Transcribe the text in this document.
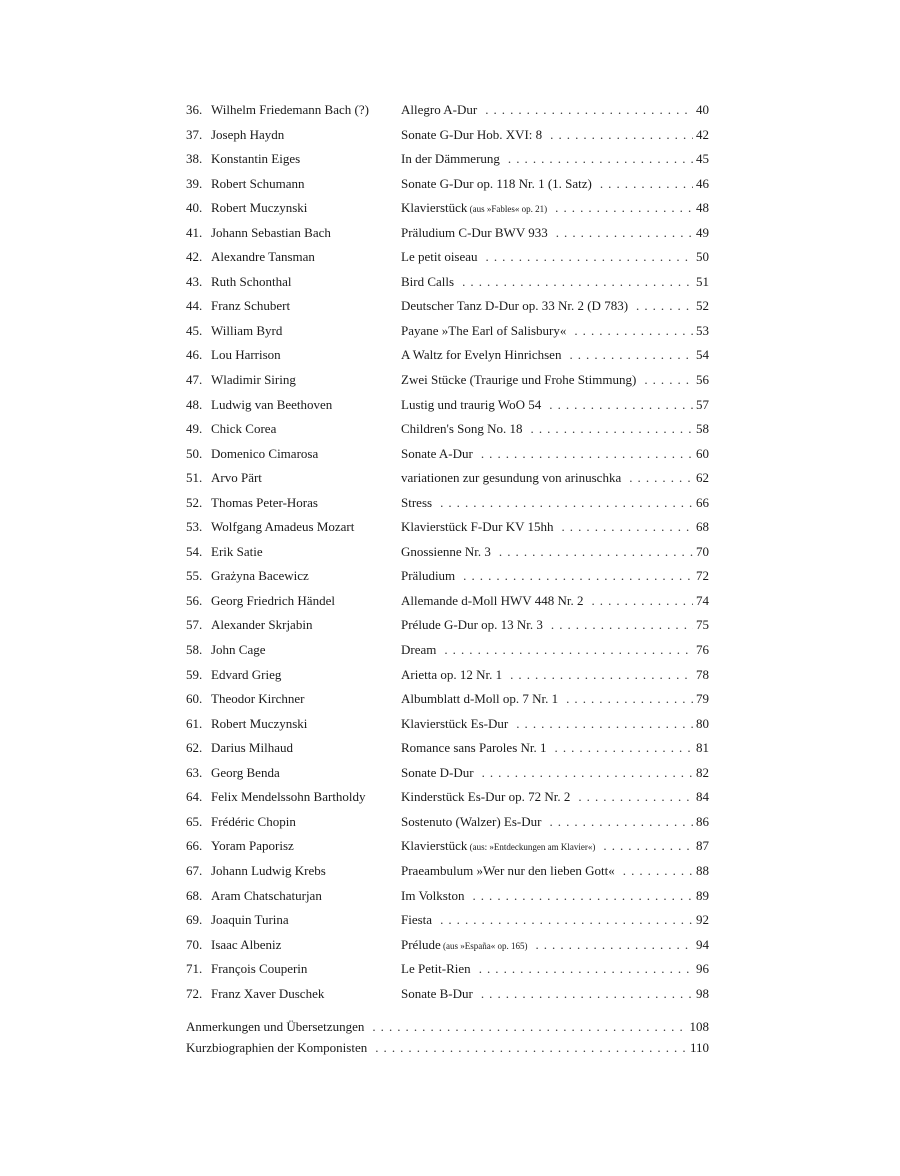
36. Wilhelm Friedemann Bach (?)	Allegro A-Dur . . .	40
37. Joseph Haydn	Sonate G-Dur Hob. XVI: 8 . . .	42
38. Konstantin Eiges	In der Dämmerung . . .	45
39. Robert Schumann	Sonate G-Dur op. 118 Nr. 1 (1. Satz) . . .	46
40. Robert Muczynski	Klavierstück (aus »Fables« op. 21) . . .	48
41. Johann Sebastian Bach	Präludium C-Dur BWV 933 . . .	49
42. Alexandre Tansman	Le petit oiseau . . .	50
43. Ruth Schonthal	Bird Calls . . .	51
44. Franz Schubert	Deutscher Tanz D-Dur op. 33 Nr. 2 (D 783) . . .	52
45. William Byrd	Payane »The Earl of Salisbury« . . .	53
46. Lou Harrison	A Waltz for Evelyn Hinrichsen . . .	54
47. Wladimir Siring	Zwei Stücke (Traurige und Frohe Stimmung) . . .	56
48. Ludwig van Beethoven	Lustig und traurig WoO 54 . . .	57
49. Chick Corea	Children's Song No. 18 . . .	58
50. Domenico Cimarosa	Sonate A-Dur . . .	60
51. Arvo Pärt	variationen zur gesundung von arinuschka . . .	62
52. Thomas Peter-Horas	Stress . . .	66
53. Wolfgang Amadeus Mozart	Klavierstück F-Dur KV 15hh . . .	68
54. Erik Satie	Gnossienne Nr. 3 . . .	70
55. Grażyna Bacewicz	Präludium . . .	72
56. Georg Friedrich Händel	Allemande d-Moll HWV 448 Nr. 2 . . .	74
57. Alexander Skrjabin	Prélude G-Dur op. 13 Nr. 3 . . .	75
58. John Cage	Dream . . .	76
59. Edvard Grieg	Arietta op. 12 Nr. 1 . . .	78
60. Theodor Kirchner	Albumblatt d-Moll op. 7 Nr. 1 . . .	79
61. Robert Muczynski	Klavierstück Es-Dur . . .	80
62. Darius Milhaud	Romance sans Paroles Nr. 1 . . .	81
63. Georg Benda	Sonate D-Dur . . .	82
64. Felix Mendelssohn Bartholdy	Kinderstück Es-Dur op. 72 Nr. 2 . . .	84
65. Frédéric Chopin	Sostenuto (Walzer) Es-Dur . . .	86
66. Yoram Paporisz	Klavierstück (aus: »Entdeckungen am Klavier«) . . .	87
67. Johann Ludwig Krebs	Praeambulum »Wer nur den lieben Gott« . . .	88
68. Aram Chatschaturjan	Im Volkston . . .	89
69. Joaquin Turina	Fiesta . . .	92
70. Isaac Albeniz	Prélude (aus »España« op. 165) . . .	94
71. François Couperin	Le Petit-Rien . . .	96
72. Franz Xaver Duschek	Sonate B-Dur . . .	98
Anmerkungen und Übersetzungen . . .	108
Kurzbiographien der Komponisten . . .	110
